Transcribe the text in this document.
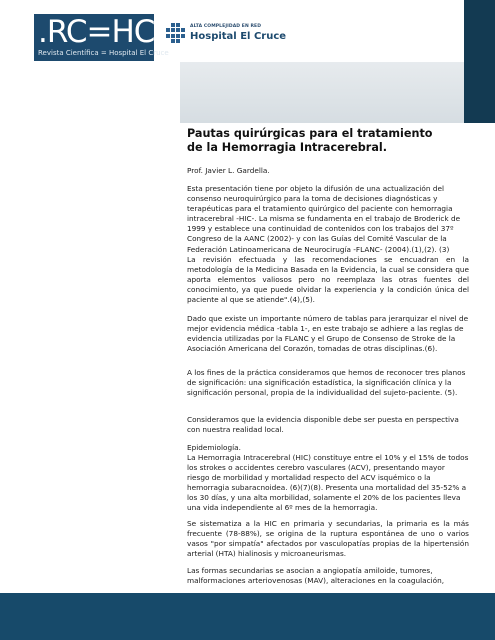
.RC=HC
Revista Científica = Hospital El Cruce
ALTA COMPLEJIDAD EN RED
Hospital El Cruce
Pautas quirúrgicas para el tratamiento de la Hemorragia Intracerebral.

Prof. Javier L. Gardella.

Esta presentación tiene por objeto la difusión de una actualización del consenso neuroquirúrgico para la toma de decisiones diagnósticas y terapéuticas para el tratamiento quirúrgico del paciente con hemorragia intracerebral -HIC-. La misma se fundamenta en el trabajo de Broderick de 1999 y establece una continuidad de contenidos con los trabajos del 37º Congreso de la AANC (2002)- y con las Guías del Comité Vascular de la Federación Latinoamericana de Neurocirugía -FLANC- (2004).(1),(2). (3)

La revisión efectuada y las recomendaciones se encuadran en la metodología de la Medicina Basada en la Evidencia, la cual se considera que aporta elementos valiosos pero no reemplaza las otras fuentes del conocimiento, ya que puede olvidar la experiencia y la condición única del paciente al que se atiende".(4),(5).

Dado que existe un importante número de tablas para jerarquizar el nivel de mejor evidencia médica -tabla 1-, en este trabajo se adhiere a las reglas de evidencia utilizadas por la FLANC y el Grupo de Consenso de Stroke de la Asociación Americana del Corazón, tomadas de otras disciplinas.(6).

A los fines de la práctica consideramos que hemos de reconocer tres planos de significación: una significación estadística, la significación clínica y la significación personal, propia de la individualidad del sujeto-paciente. (5).

Consideramos que la evidencia disponible debe ser puesta en perspectiva con nuestra realidad local.

Epidemiología.

La Hemorragia Intracerebral (HIC) constituye entre el 10% y el 15% de todos los strokes o accidentes cerebro vasculares (ACV), presentando mayor riesgo de morbilidad y mortalidad respecto del ACV isquémico o la hemorragia subaracnoidea. (6)(7)(8). Presenta una mortalidad del 35-52% a los 30 días, y una alta morbilidad, solamente el 20% de los pacientes lleva una vida independiente al 6º mes de la hemorragia.

Se sistematiza a la HIC en primaria y secundarias, la primaria es la más frecuente (78-88%), se origina de la ruptura espontánea de uno o varios vasos "por simpatía" afectados por vasculopatías propias de la hipertensión arterial (HTA) hialinosis y microaneurismas.

Las formas secundarias se asocian a angiopatía amiloide, tumores, malformaciones arteriovenosas (MAV), alteraciones en la coagulación,
